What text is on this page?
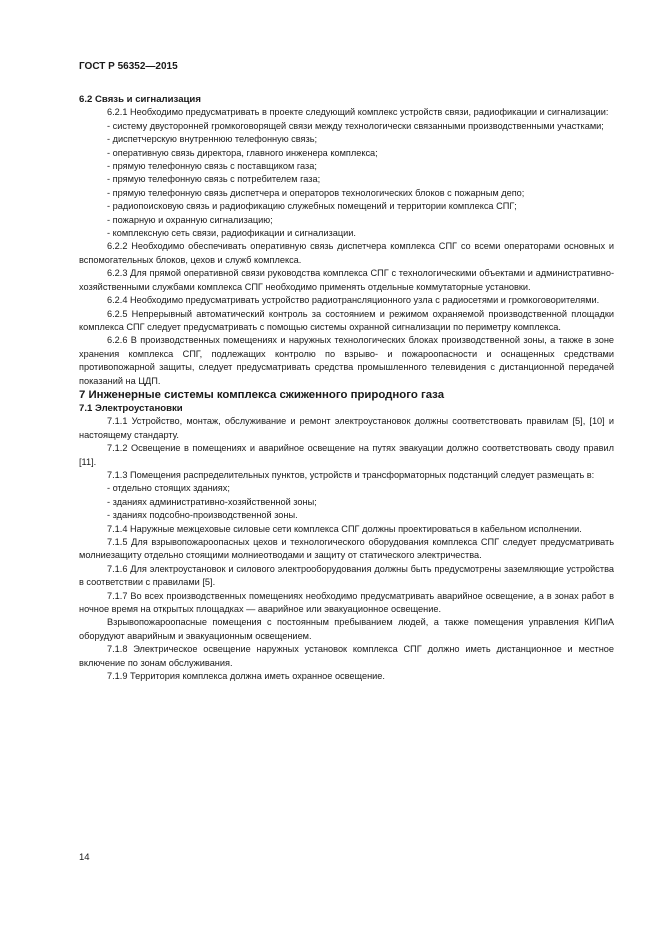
ГОСТ Р 56352—2015

6.2 Связь и сигнализация

6.2.1 Необходимо предусматривать в проекте следующий комплекс устройств связи, радиофикации и сигнализации:

- систему двусторонней громкоговорящей связи между технологически связанными производственными участками;

- диспетчерскую внутреннюю телефонную связь;

- оперативную связь директора, главного инженера комплекса;

- прямую телефонную связь с поставщиком газа;

- прямую телефонную связь с потребителем газа;

- прямую телефонную связь диспетчера и операторов технологических блоков с пожарным депо;

- радиопоисковую связь и радиофикацию служебных помещений и территории комплекса СПГ;

- пожарную и охранную сигнализацию;

- комплексную сеть связи, радиофикации и сигнализации.

6.2.2 Необходимо обеспечивать оперативную связь диспетчера комплекса СПГ со всеми операторами основных и вспомогательных блоков, цехов и служб комплекса.

6.2.3 Для прямой оперативной связи руководства комплекса СПГ с технологическими объектами и административно-хозяйственными службами комплекса СПГ необходимо применять отдельные коммутаторные установки.

6.2.4 Необходимо предусматривать устройство радиотрансляционного узла с радиосетями и громкоговорителями.

6.2.5 Непрерывный автоматический контроль за состоянием и режимом охраняемой производственной площадки комплекса СПГ следует предусматривать с помощью системы охранной сигнализации по периметру комплекса.

6.2.6 В производственных помещениях и наружных технологических блоках производственной зоны, а также в зоне хранения комплекса СПГ, подлежащих контролю по взрыво- и пожароопасности и оснащенных средствами противопожарной защиты, следует предусматривать средства промышленного телевидения с дистанционной передачей показаний на ЦДП.

7 Инженерные системы комплекса сжиженного природного газа

7.1 Электроустановки

7.1.1 Устройство, монтаж, обслуживание и ремонт электроустановок должны соответствовать правилам [5], [10] и настоящему стандарту.

7.1.2 Освещение в помещениях и аварийное освещение на путях эвакуации должно соответствовать своду правил [11].

7.1.3 Помещения распределительных пунктов, устройств и трансформаторных подстанций следует размещать в:

- отдельно стоящих зданиях;

- зданиях административно-хозяйственной зоны;

- зданиях подсобно-производственной зоны.

7.1.4 Наружные межцеховые силовые сети комплекса СПГ должны проектироваться в кабельном исполнении.

7.1.5 Для взрывопожароопасных цехов и технологического оборудования комплекса СПГ следует предусматривать молниезащиту отдельно стоящими молниеотводами и защиту от статического электричества.

7.1.6 Для электроустановок и силового электрооборудования должны быть предусмотрены заземляющие устройства в соответствии с правилами [5].

7.1.7 Во всех производственных помещениях необходимо предусматривать аварийное освещение, а в зонах работ в ночное время на открытых площадках — аварийное или эвакуационное освещение.

Взрывопожароопасные помещения с постоянным пребыванием людей, а также помещения управления КИПиА оборудуют аварийным и эвакуационным освещением.

7.1.8 Электрическое освещение наружных установок комплекса СПГ должно иметь дистанционное и местное включение по зонам обслуживания.

7.1.9 Территория комплекса должна иметь охранное освещение.

14
